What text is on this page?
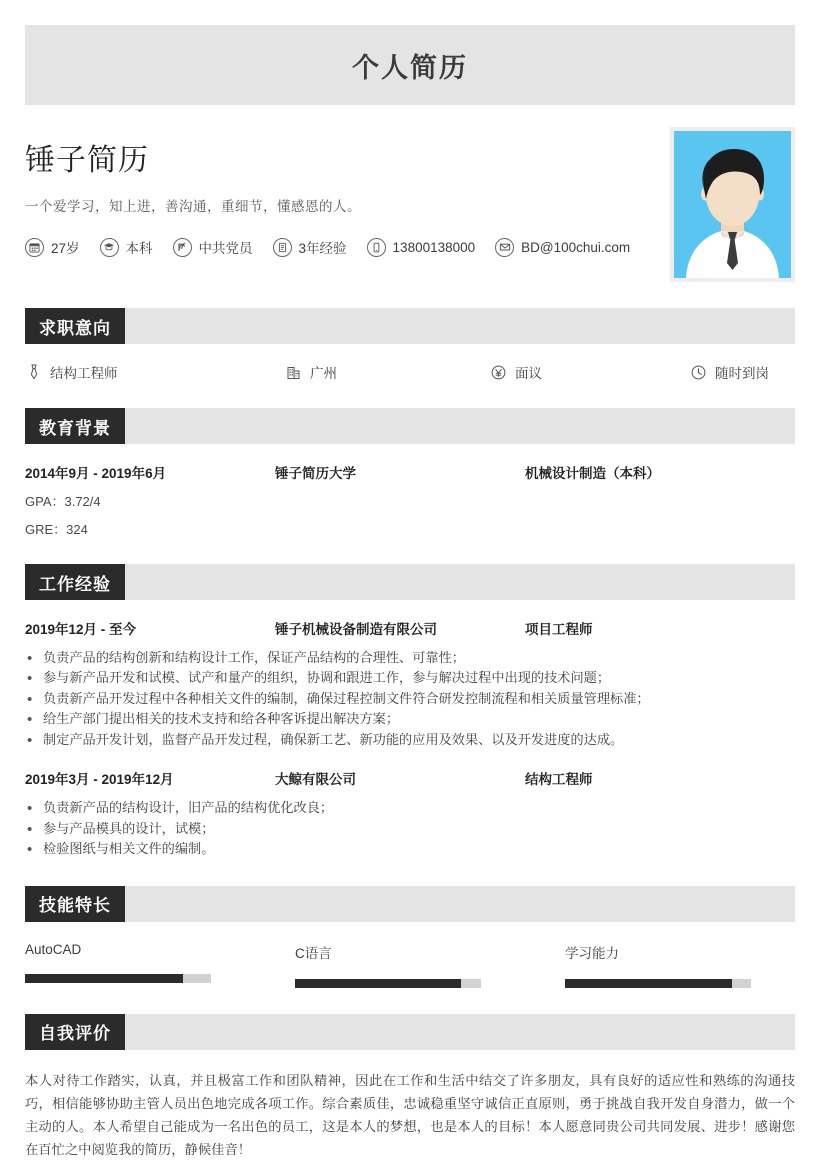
个人简历
锤子简历
一个爱学习，知上进，善沟通，重细节，懂感恩的人。
27岁	本科	中共党员	3年经验	13800138000	BD@100chui.com
求职意向
结构工程师	广州	面议	随时到岗
教育背景
2014年9月 - 2019年6月	锤子简历大学	机械设计制造（本科）
GPA：3.72/4
GRE：324
工作经验
2019年12月 - 至今	锤子机械设备制造有限公司	项目工程师
• 负责产品的结构创新和结构设计工作，保证产品结构的合理性、可靠性；
• 参与新产品开发和试模、试产和量产的组织，协调和跟进工作，参与解决过程中出现的技术问题；
• 负责新产品开发过程中各种相关文件的编制，确保过程控制文件符合研发控制流程和相关质量管理标准；
• 给生产部门提出相关的技术支持和给各种客诉提出解决方案；
• 制定产品开发计划，监督产品开发过程，确保新工艺、新功能的应用及效果、以及开发进度的达成。
2019年3月 - 2019年12月	大鲸有限公司	结构工程师
• 负责新产品的结构设计，旧产品的结构优化改良；
• 参与产品模具的设计，试模；
• 检验图纸与相关文件的编制。
技能特长
AutoCAD	C语言	学习能力
自我评价
本人对待工作踏实，认真，并且极富工作和团队精神，因此在工作和生活中结交了许多朋友，具有良好的适应性和熟练的沟通技巧，相信能够协助主管人员出色地完成各项工作。综合素质佳，忠诚稳重坚守诚信正直原则，勇于挑战自我开发自身潜力，做一个主动的人。本人希望自己能成为一名出色的员工，这是本人的梦想，也是本人的目标！本人愿意同贵公司共同发展、进步！感谢您在百忙之中阅览我的简历，静候佳音！
